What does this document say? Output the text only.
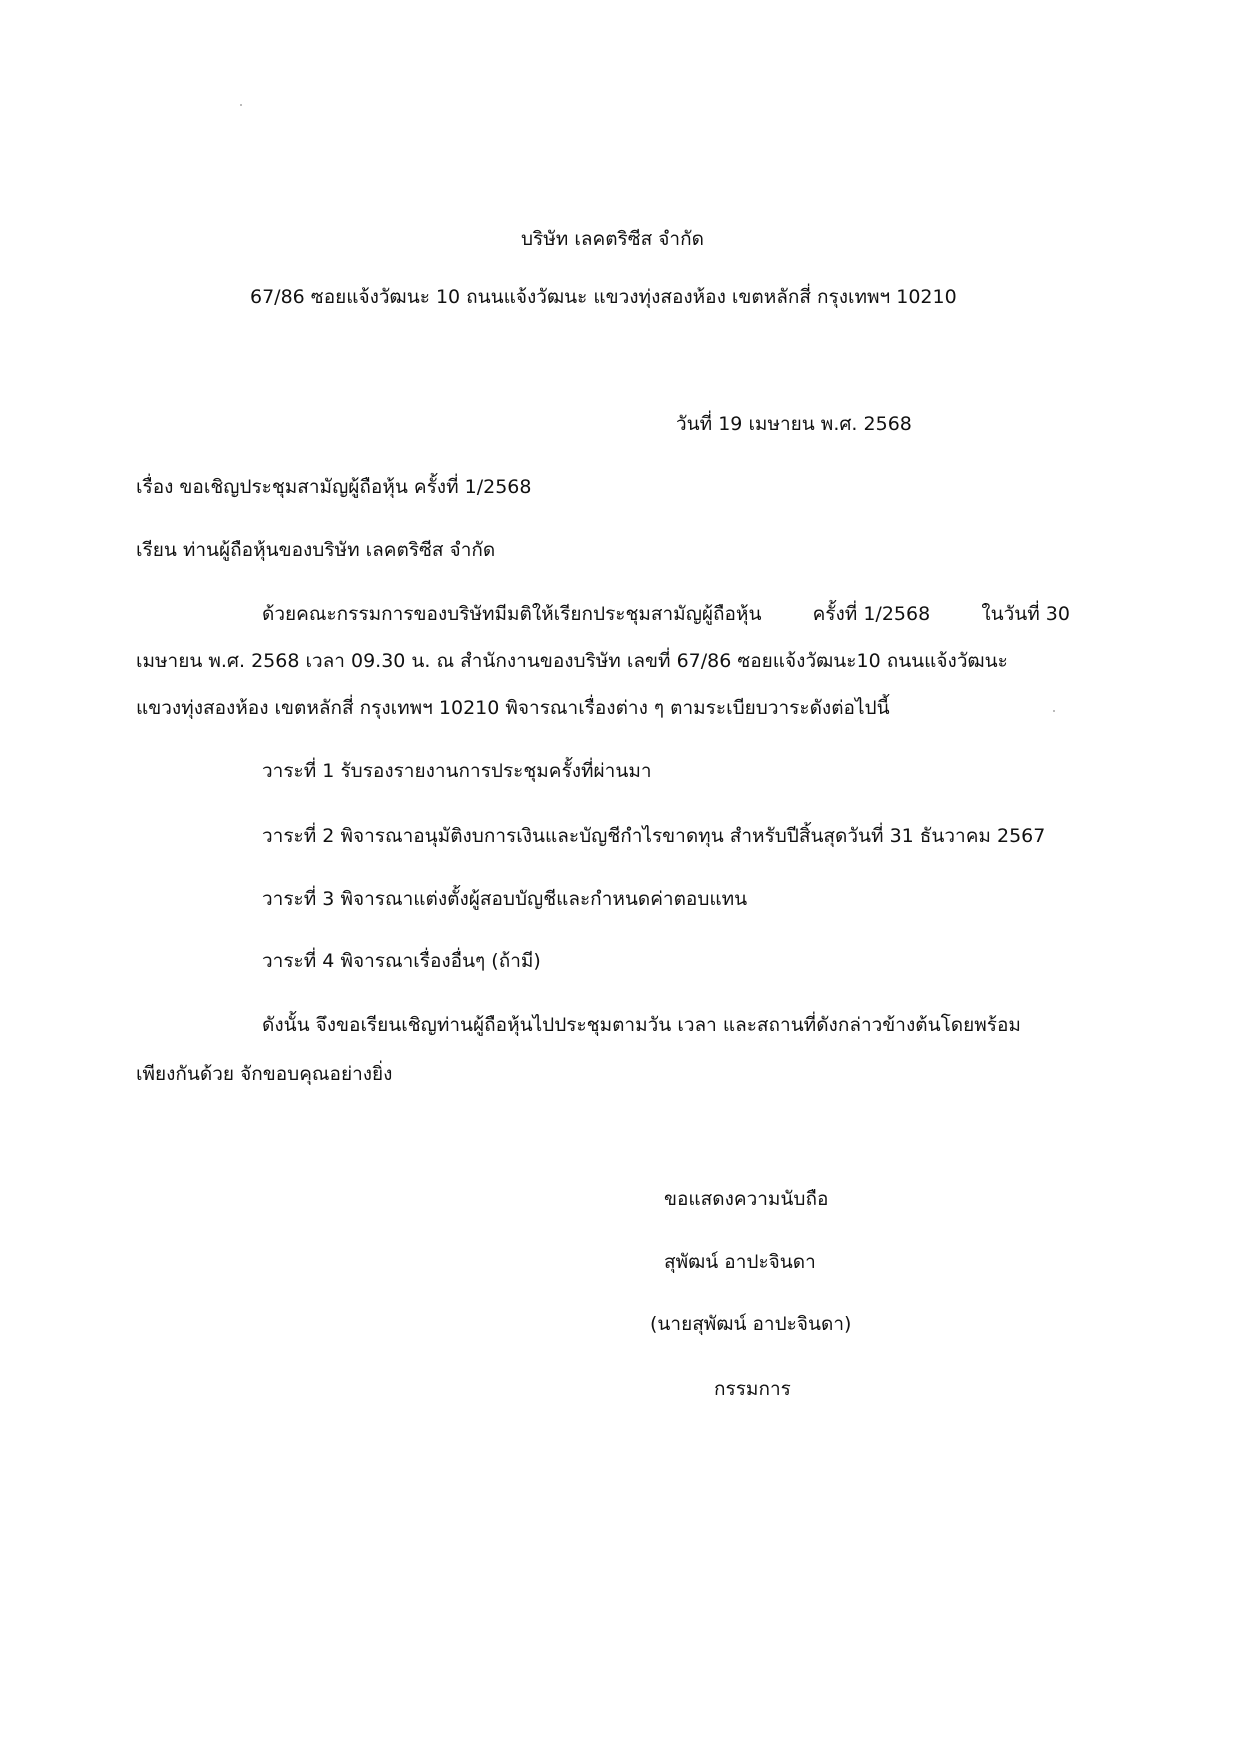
บริษัท เลคตริซีส จำกัด
67/86 ซอยแจ้งวัฒนะ 10 ถนนแจ้งวัฒนะ แขวงทุ่งสองห้อง เขตหลักสี่ กรุงเทพฯ 10210
วันที่ 19 เมษายน พ.ศ. 2568
เรื่อง ขอเชิญประชุมสามัญผู้ถือหุ้น ครั้งที่ 1/2568
เรียน ท่านผู้ถือหุ้นของบริษัท เลคตริซีส จำกัด
ด้วยคณะกรรมการของบริษัทมีมติให้เรียกประชุมสามัญผู้ถือหุ้น	ครั้งที่ 1/2568	ในวันที่ 30
เมษายน พ.ศ. 2568 เวลา 09.30 น. ณ สำนักงานของบริษัท เลขที่ 67/86 ซอยแจ้งวัฒนะ10 ถนนแจ้งวัฒนะ
แขวงทุ่งสองห้อง เขตหลักสี่ กรุงเทพฯ 10210 พิจารณาเรื่องต่าง ๆ ตามระเบียบวาระดังต่อไปนี้
วาระที่ 1 รับรองรายงานการประชุมครั้งที่ผ่านมา
วาระที่ 2 พิจารณาอนุมัติงบการเงินและบัญชีกำไรขาดทุน สำหรับปีสิ้นสุดวันที่ 31 ธันวาคม 2567
วาระที่ 3 พิจารณาแต่งตั้งผู้สอบบัญชีและกำหนดค่าตอบแทน
วาระที่ 4 พิจารณาเรื่องอื่นๆ (ถ้ามี)
ดังนั้น จึงขอเรียนเชิญท่านผู้ถือหุ้นไปประชุมตามวัน เวลา และสถานที่ดังกล่าวข้างต้นโดยพร้อม
เพียงกันด้วย จักขอบคุณอย่างยิ่ง
ขอแสดงความนับถือ
สุพัฒน์ อาปะจินดา
(นายสุพัฒน์ อาปะจินดา)
กรรมการ
